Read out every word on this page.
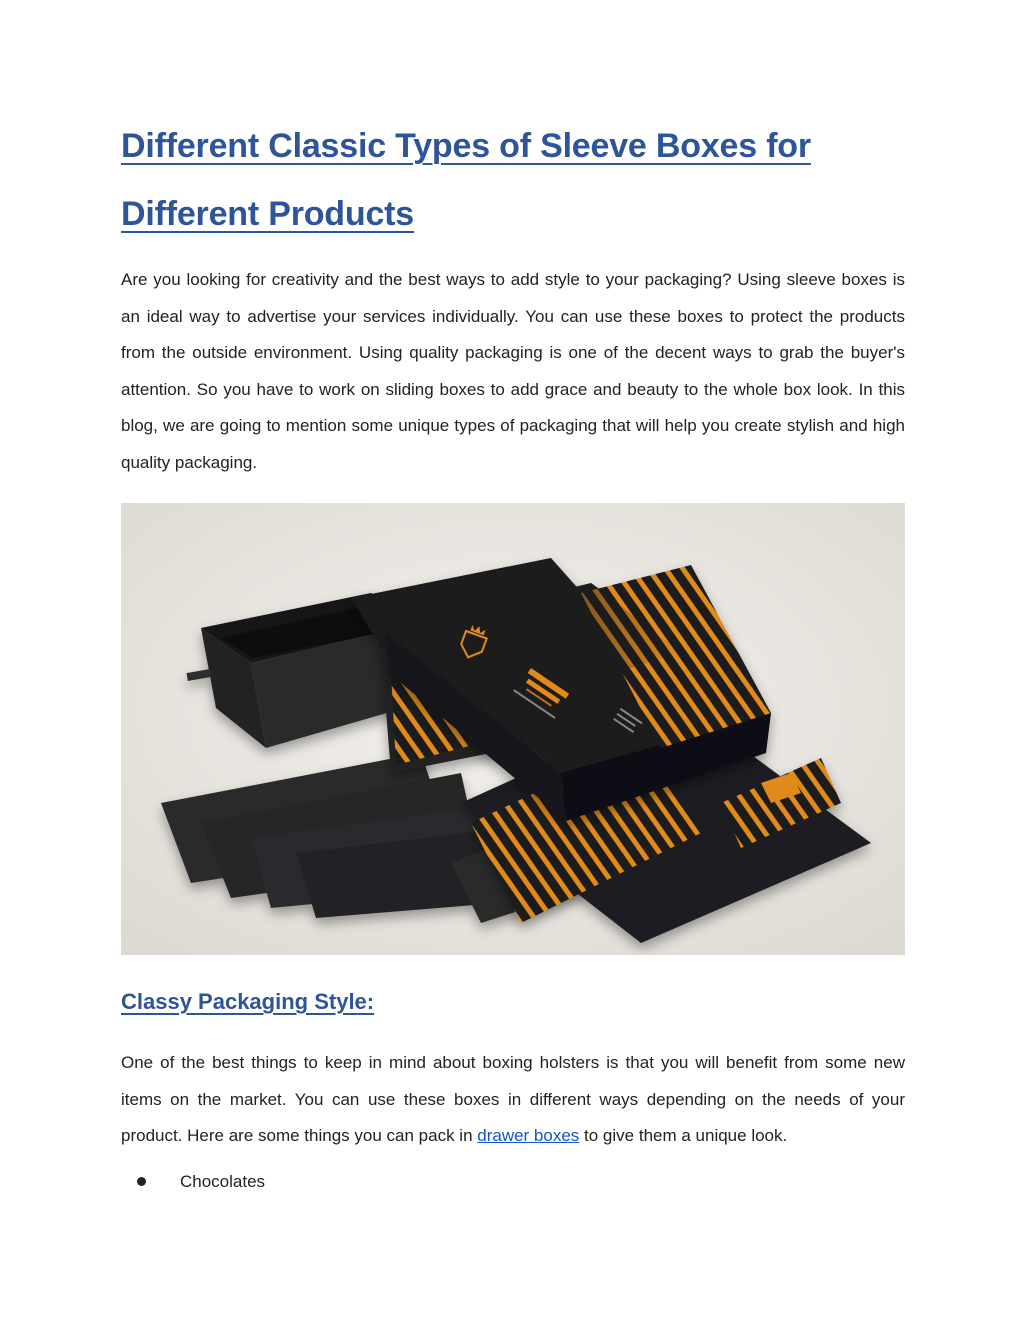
Different Classic Types of Sleeve Boxes for Different Products

Are you looking for creativity and the best ways to add style to your packaging? Using sleeve boxes is an ideal way to advertise your services individually. You can use these boxes to protect the products from the outside environment. Using quality packaging is one of the decent ways to grab the buyer's attention. So you have to work on sliding boxes to add grace and beauty to the whole box look. In this blog, we are going to mention some unique types of packaging that will help you create stylish and high quality packaging.

Classy Packaging Style:

One of the best things to keep in mind about boxing holsters is that you will benefit from some new items on the market. You can use these boxes in different ways depending on the needs of your product. Here are some things you can pack in drawer boxes to give them a unique look.

Chocolates
